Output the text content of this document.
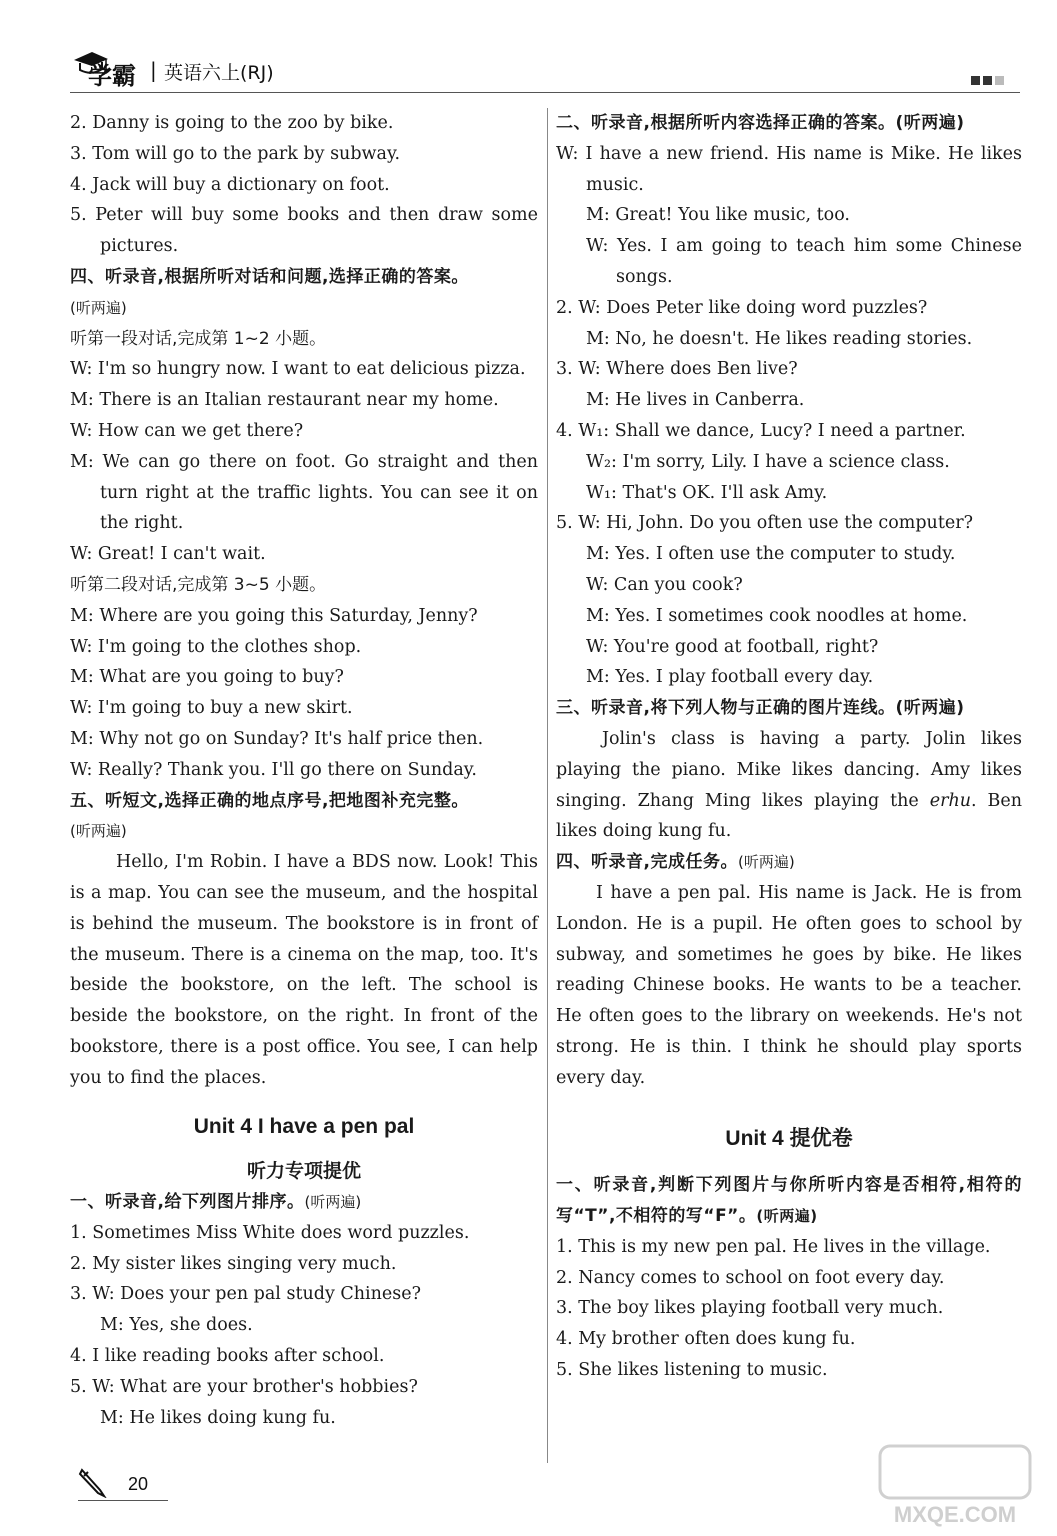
学霸 | 英语六上(RJ)
2. Danny is going to the zoo by bike.
3. Tom will go to the park by subway.
4. Jack will buy a dictionary on foot.
5. Peter will buy some books and then draw some pictures.
四、听录音,根据所听对话和问题,选择正确的答案。
(听两遍)
听第一段对话,完成第 1~2 小题。
W: I'm so hungry now. I want to eat delicious pizza.
M: There is an Italian restaurant near my home.
W: How can we get there?
M: We can go there on foot. Go straight and then turn right at the traffic lights. You can see it on the right.
W: Great! I can't wait.
听第二段对话,完成第 3~5 小题。
M: Where are you going this Saturday, Jenny?
W: I'm going to the clothes shop.
M: What are you going to buy?
W: I'm going to buy a new skirt.
M: Why not go on Sunday? It's half price then.
W: Really? Thank you. I'll go there on Sunday.
五、听短文,选择正确的地点序号,把地图补充完整。
(听两遍)
Hello, I'm Robin. I have a BDS now. Look! This is a map. You can see the museum, and the hospital is behind the museum. The bookstore is in front of the museum. There is a cinema on the map, too. It's beside the bookstore, on the left. The school is beside the bookstore, on the right. In front of the bookstore, there is a post office. You see, I can help you to find the places.
Unit 4 I have a pen pal
听力专项提优
一、听录音,给下列图片排序。(听两遍)
1. Sometimes Miss White does word puzzles.
2. My sister likes singing very much.
3. W: Does your pen pal study Chinese?
M: Yes, she does.
4. I like reading books after school.
5. W: What are your brother's hobbies?
M: He likes doing kung fu.
二、听录音,根据所听内容选择正确的答案。(听两遍)
W: I have a new friend. His name is Mike. He likes music.
M: Great! You like music, too.
W: Yes. I am going to teach him some Chinese songs.
2. W: Does Peter like doing word puzzles?
M: No, he doesn't. He likes reading stories.
3. W: Where does Ben live?
M: He lives in Canberra.
4. W₁: Shall we dance, Lucy? I need a partner.
W₂: I'm sorry, Lily. I have a science class.
W₁: That's OK. I'll ask Amy.
5. W: Hi, John. Do you often use the computer?
M: Yes. I often use the computer to study.
W: Can you cook?
M: Yes. I sometimes cook noodles at home.
W: You're good at football, right?
M: Yes. I play football every day.
三、听录音,将下列人物与正确的图片连线。(听两遍)
Jolin's class is having a party. Jolin likes playing the piano. Mike likes dancing. Amy likes singing. Zhang Ming likes playing the erhu. Ben likes doing kung fu.
四、听录音,完成任务。(听两遍)
I have a pen pal. His name is Jack. He is from London. He is a pupil. He often goes to school by subway, and sometimes he goes by bike. He likes reading Chinese books. He wants to be a teacher. He often goes to the library on weekends. He's not strong. He is thin. I think he should play sports every day.
Unit 4 提优卷
一、听录音,判断下列图片与你所听内容是否相符,相符的写“T”,不相符的写“F”。(听两遍)
1. This is my new pen pal. He lives in the village.
2. Nancy comes to school on foot every day.
3. The boy likes playing football very much.
4. My brother often does kung fu.
5. She likes listening to music.
20
MXQE.COM
